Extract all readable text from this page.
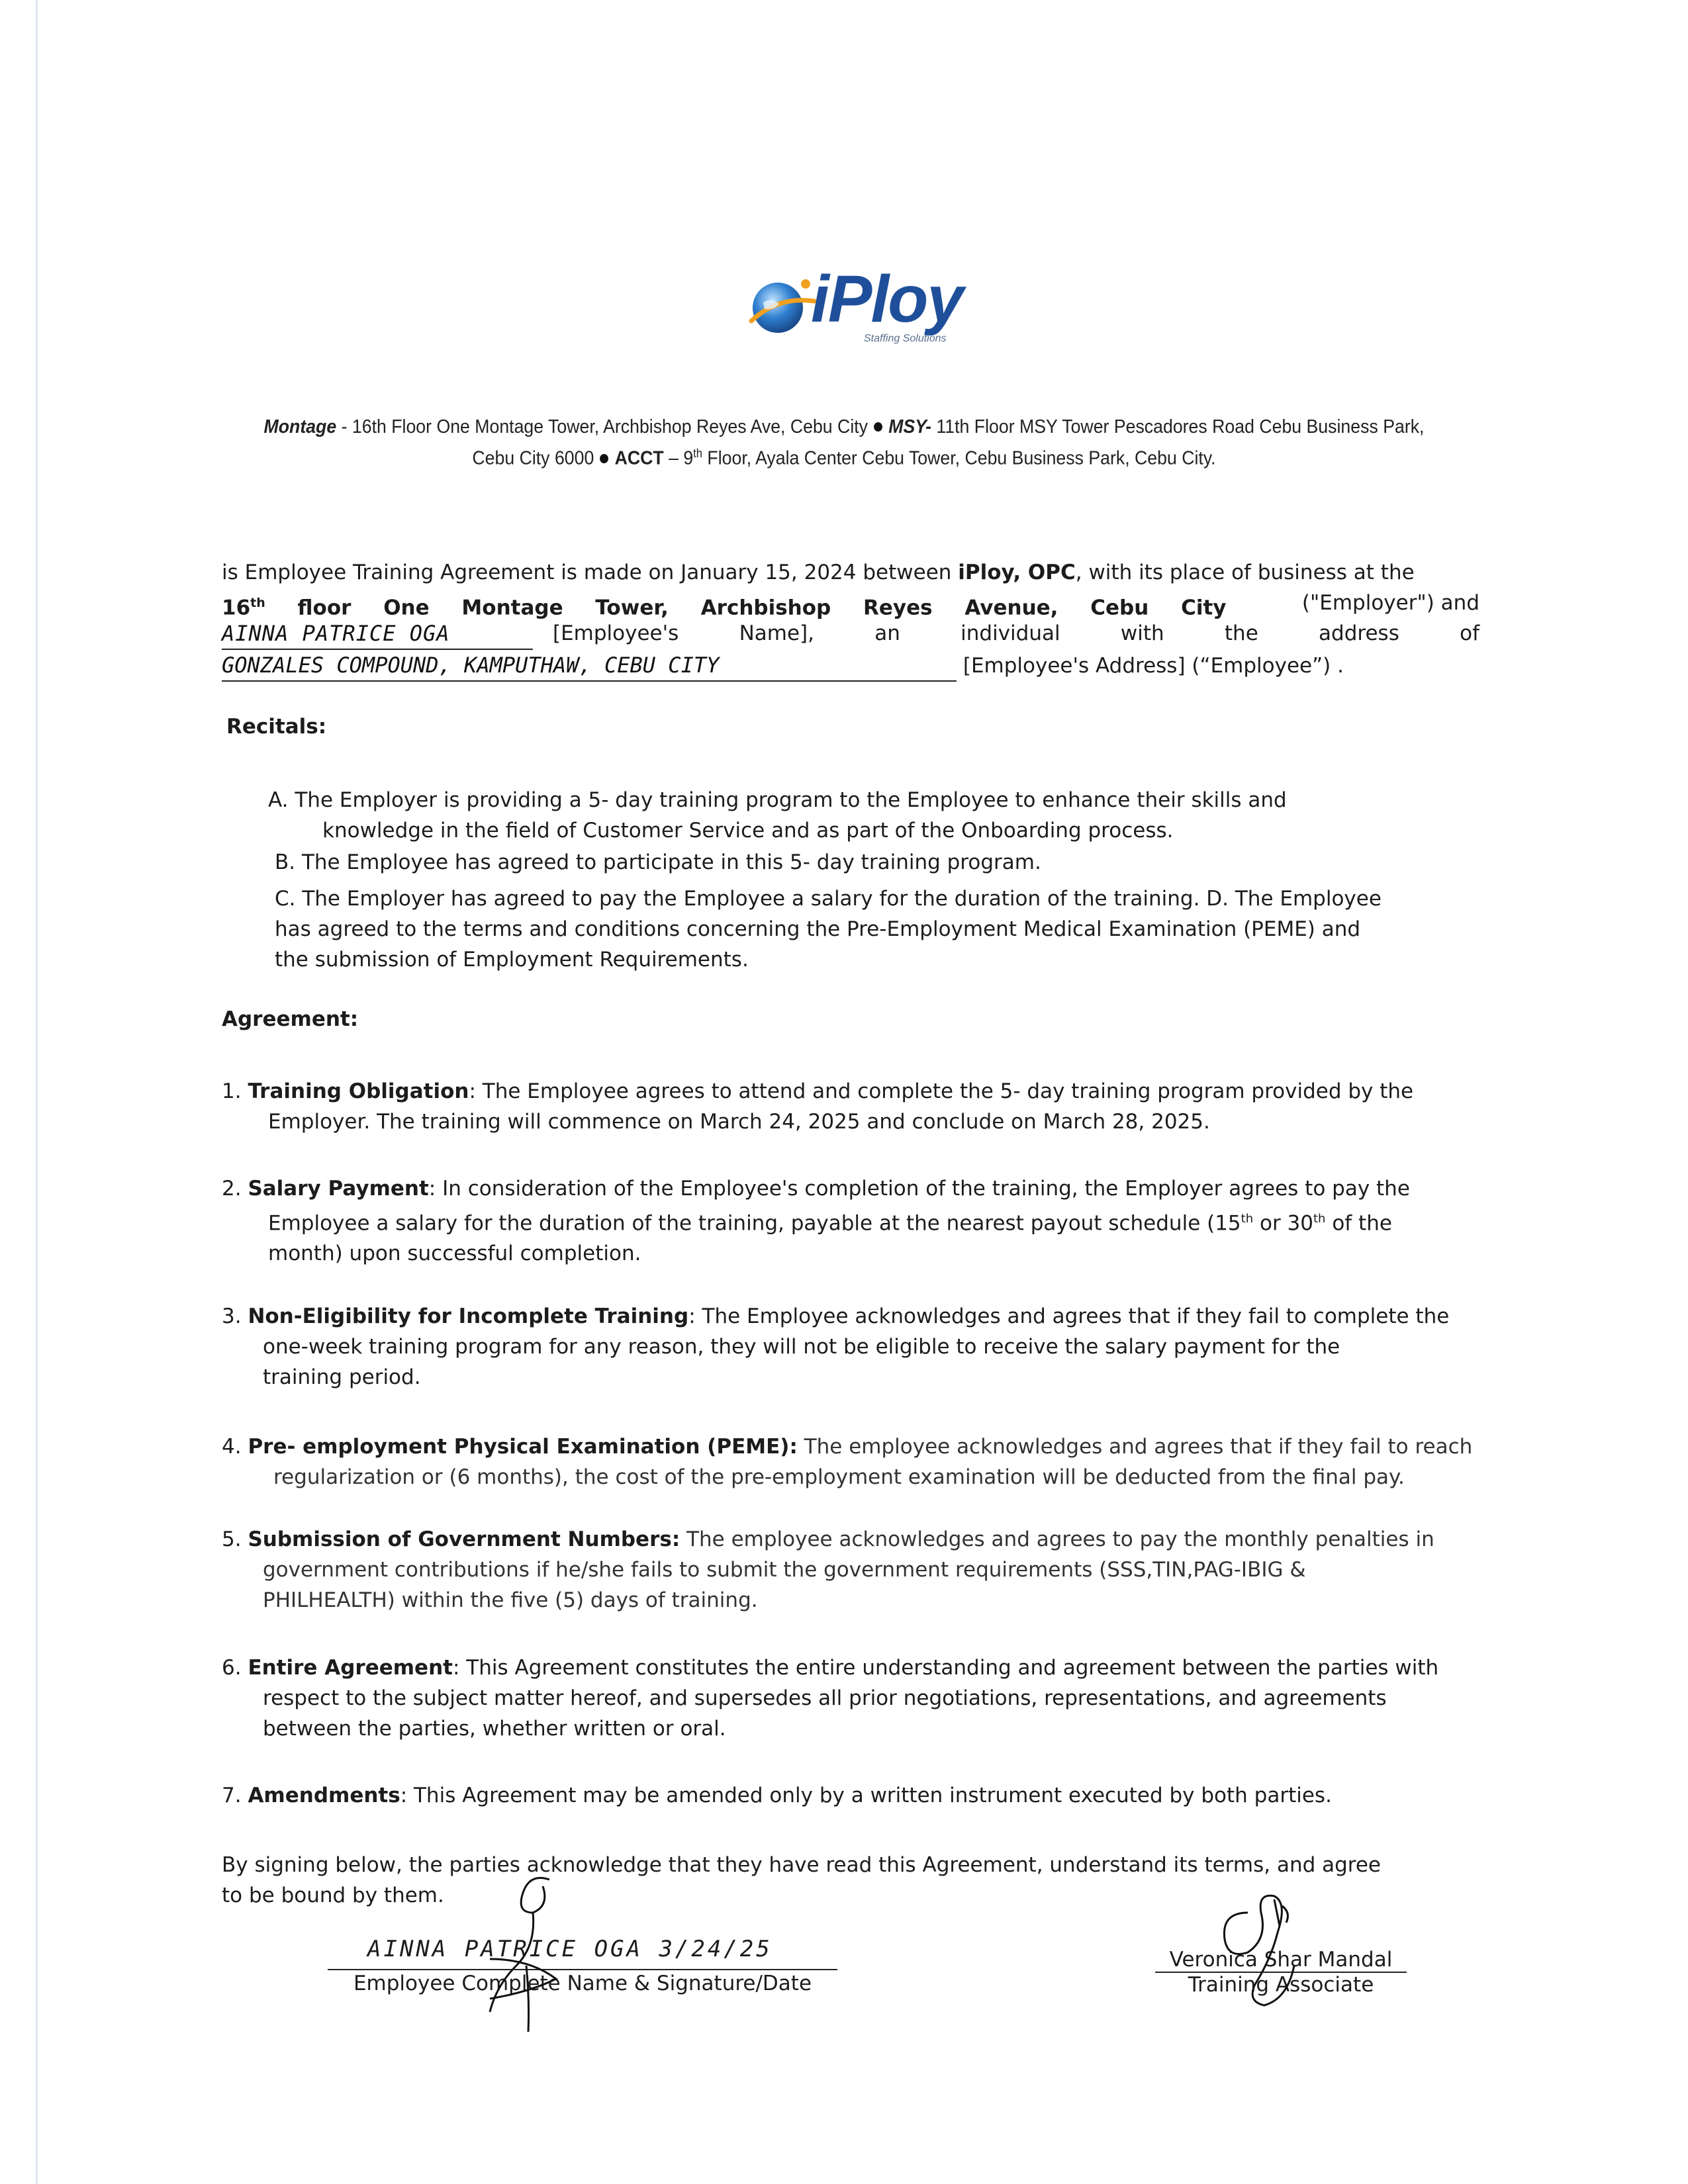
iPloy
Staffing Solutions
Montage - 16th Floor One Montage Tower, Archbishop Reyes Ave, Cebu City MSY- 11th Floor MSY Tower Pescadores Road Cebu Business Park, Cebu City 6000 ACCT – 9th Floor, Ayala Center Cebu Tower, Cebu Business Park, Cebu City.
is Employee Training Agreement is made on January 15, 2024 between iPloy, OPC, with its place of business at the
16th floor One Montage Tower, Archbishop Reyes Avenue, Cebu City	("Employer") and
AINNA PATRICE OGA	[Employee's Name], an individual with the address of
GONZALES COMPOUND, KAMPUTHAW, CEBU CITY	[Employee's Address] (“Employee”) .
Recitals:
A. The Employer is providing a 5- day training program to the Employee to enhance their skills and
knowledge in the field of Customer Service and as part of the Onboarding process.
B. The Employee has agreed to participate in this 5- day training program.
C. The Employer has agreed to pay the Employee a salary for the duration of the training. D. The Employee
has agreed to the terms and conditions concerning the Pre-Employment Medical Examination (PEME) and
the submission of Employment Requirements.
Agreement:
1. Training Obligation: The Employee agrees to attend and complete the 5- day training program provided by the
Employer. The training will commence on March 24, 2025 and conclude on March 28, 2025.
2. Salary Payment: In consideration of the Employee's completion of the training, the Employer agrees to pay the
Employee a salary for the duration of the training, payable at the nearest payout schedule (15th or 30th of the
month) upon successful completion.
3. Non-Eligibility for Incomplete Training: The Employee acknowledges and agrees that if they fail to complete the
one-week training program for any reason, they will not be eligible to receive the salary payment for the
training period.
4. Pre- employment Physical Examination (PEME): The employee acknowledges and agrees that if they fail to reach
regularization or (6 months), the cost of the pre-employment examination will be deducted from the final pay.
5. Submission of Government Numbers: The employee acknowledges and agrees to pay the monthly penalties in
government contributions if he/she fails to submit the government requirements (SSS,TIN,PAG-IBIG &
PHILHEALTH) within the five (5) days of training.
6. Entire Agreement: This Agreement constitutes the entire understanding and agreement between the parties with
respect to the subject matter hereof, and supersedes all prior negotiations, representations, and agreements
between the parties, whether written or oral.
7. Amendments: This Agreement may be amended only by a written instrument executed by both parties.
By signing below, the parties acknowledge that they have read this Agreement, understand its terms, and agree
to be bound by them.
AINNA PATRICE OGA 3/24/25
Employee Complete Name & Signature/Date
Veronica Shar Mandal
Training Associate
